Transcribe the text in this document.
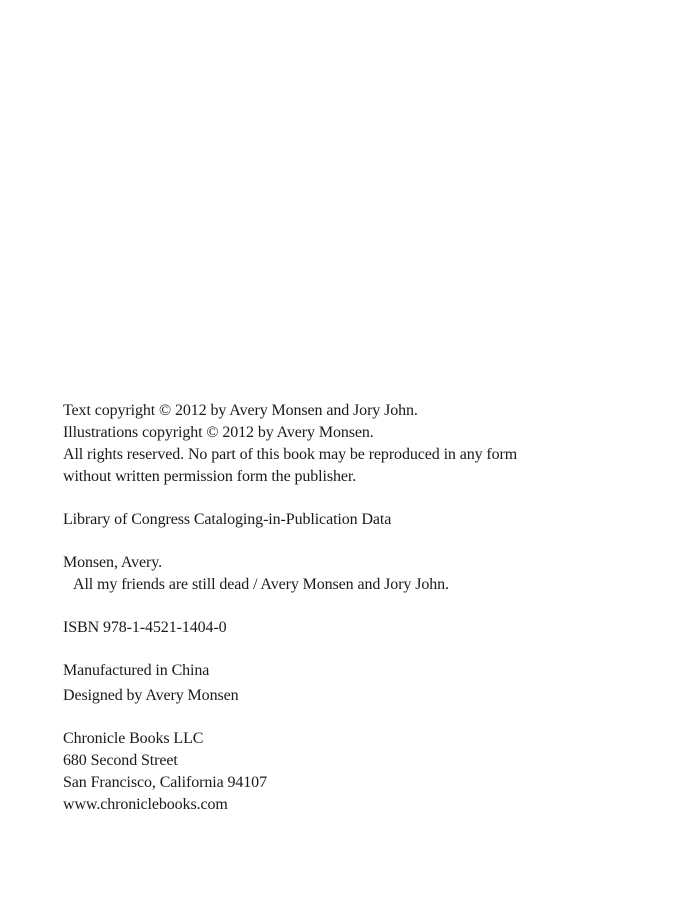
Text copyright © 2012 by Avery Monsen and Jory John.
Illustrations copyright © 2012 by Avery Monsen.
All rights reserved. No part of this book may be reproduced in any form
without written permission form the publisher.
Library of Congress Cataloging-in-Publication Data
Monsen, Avery.
All my friends are still dead / Avery Monsen and Jory John.
ISBN 978-1-4521-1404-0
Manufactured in China
Designed by Avery Monsen
Chronicle Books LLC
680 Second Street
San Francisco, California 94107
www.chroniclebooks.com
